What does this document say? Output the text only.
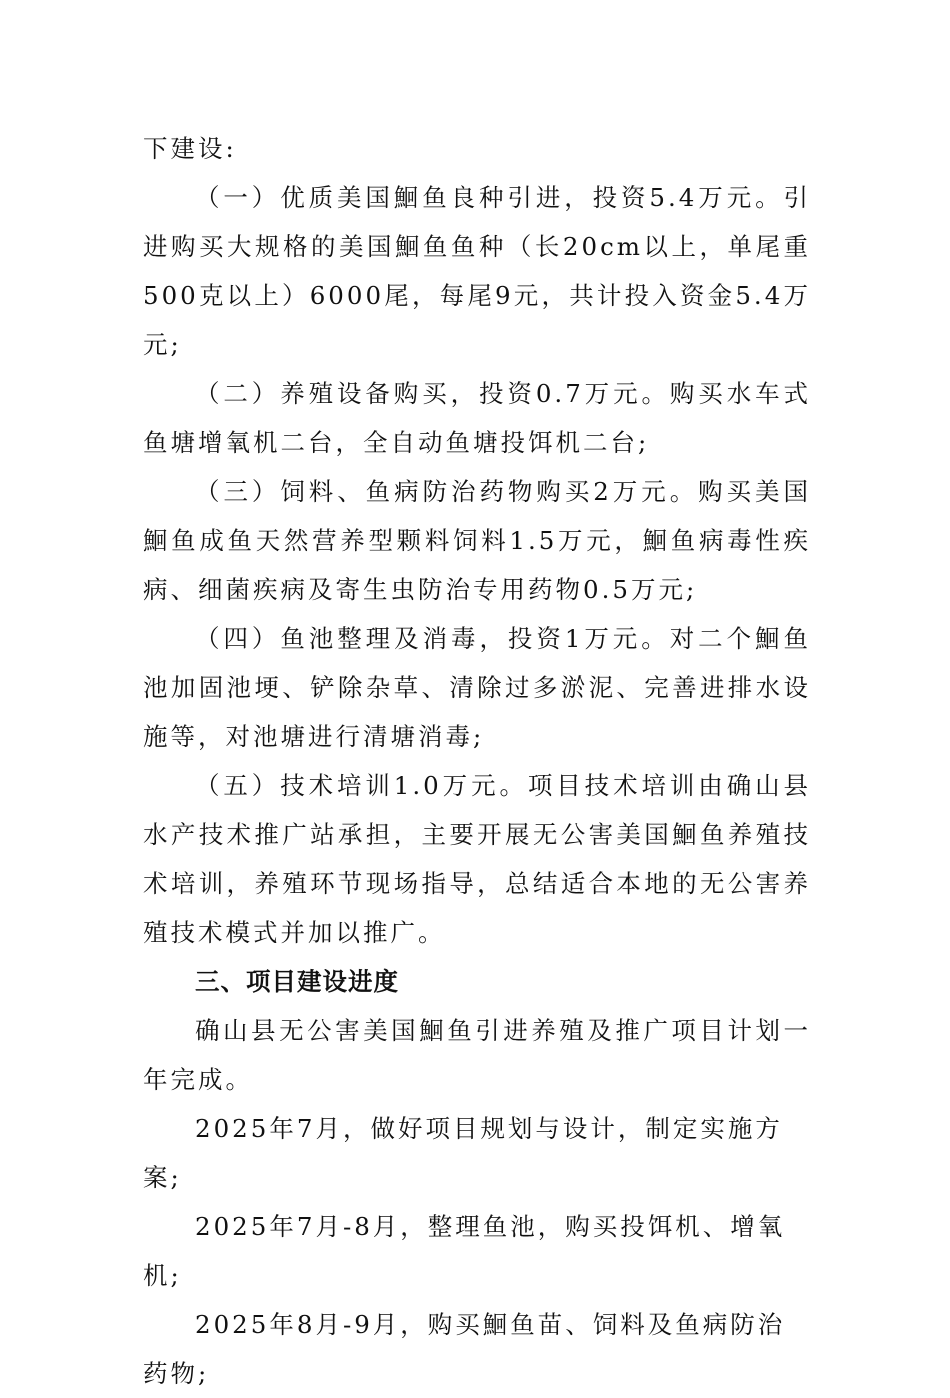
下建设:

（一）优质美国鮰鱼良种引进，投资5.4万元。引进购买大规格的美国鮰鱼鱼种（长20cm以上，单尾重500克以上）6000尾，每尾9元，共计投入资金5.4万元;

（二）养殖设备购买，投资0.7万元。购买水车式鱼塘增氧机二台，全自动鱼塘投饵机二台;

（三）饲料、鱼病防治药物购买2万元。购买美国鮰鱼成鱼天然营养型颗料饲料1.5万元，鮰鱼病毒性疾病、细菌疾病及寄生虫防治专用药物0.5万元;

（四）鱼池整理及消毒，投资1万元。对二个鮰鱼池加固池埂、铲除杂草、清除过多淤泥、完善进排水设施等，对池塘进行清塘消毒;

（五）技术培训1.0万元。项目技术培训由确山县水产技术推广站承担，主要开展无公害美国鮰鱼养殖技术培训，养殖环节现场指导，总结适合本地的无公害养殖技术模式并加以推广。

三、项目建设进度

确山县无公害美国鮰鱼引进养殖及推广项目计划一年完成。

2025年7月，做好项目规划与设计，制定实施方案;

2025年7月-8月，整理鱼池，购买投饵机、增氧机;

2025年8月-9月，购买鮰鱼苗、饲料及鱼病防治药物;
